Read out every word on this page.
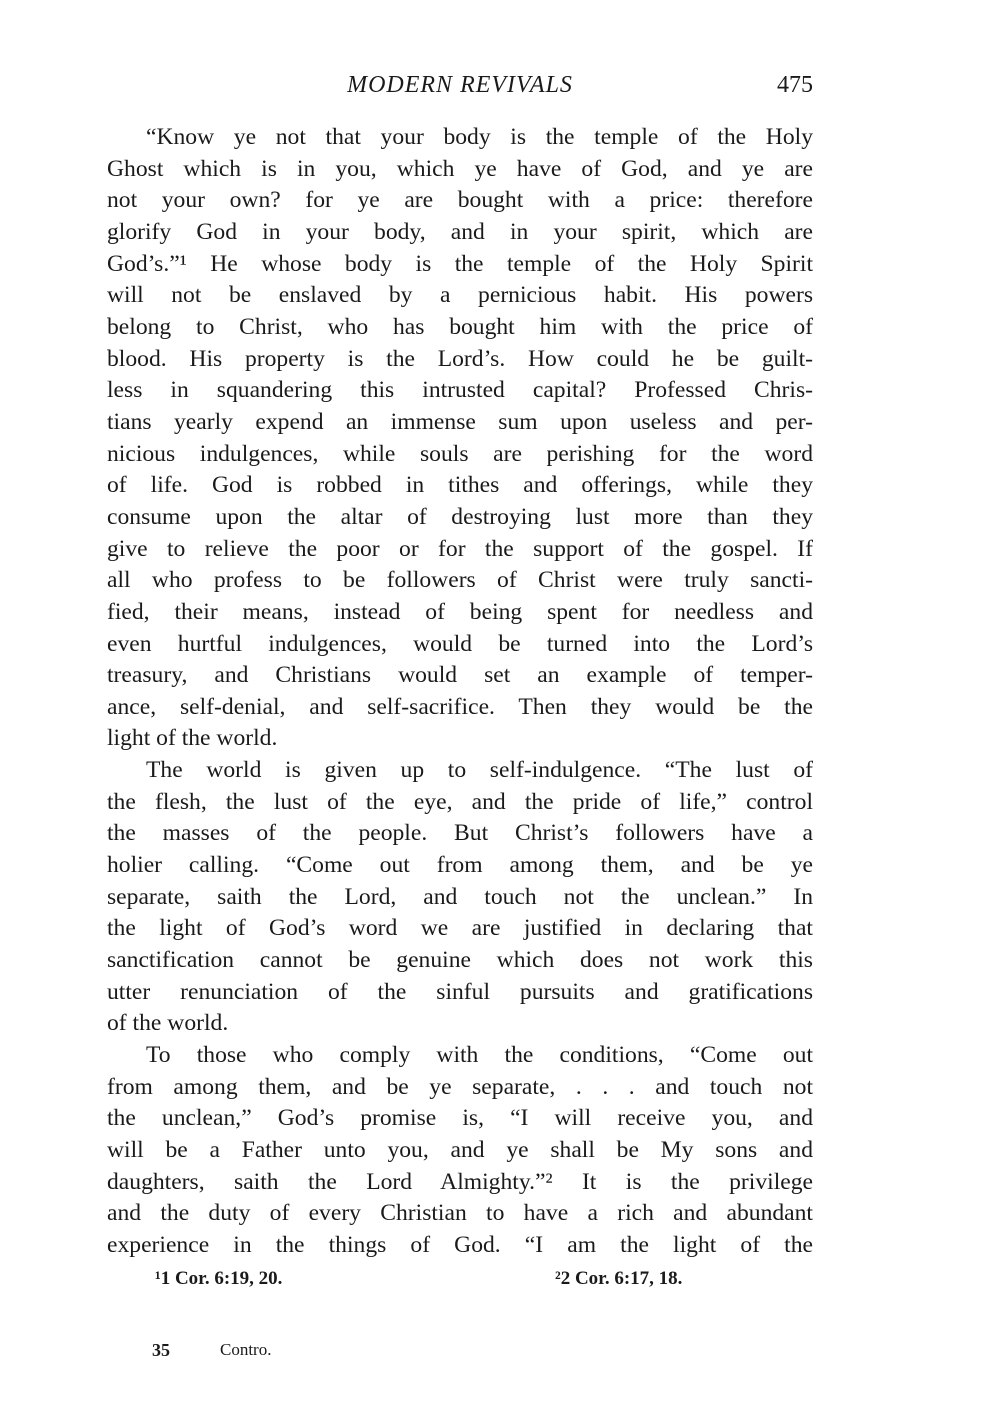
MODERN REVIVALS	475
“Know ye not that your body is the temple of the Holy
Ghost which is in you, which ye have of God, and ye are
not your own? for ye are bought with a price: therefore
glorify God in your body, and in your spirit, which are
God’s.”¹ He whose body is the temple of the Holy Spirit
will not be enslaved by a pernicious habit. His powers
belong to Christ, who has bought him with the price of
blood. His property is the Lord’s. How could he be guilt-
less in squandering this intrusted capital? Professed Chris-
tians yearly expend an immense sum upon useless and per-
nicious indulgences, while souls are perishing for the word
of life. God is robbed in tithes and offerings, while they
consume upon the altar of destroying lust more than they
give to relieve the poor or for the support of the gospel. If
all who profess to be followers of Christ were truly sancti-
fied, their means, instead of being spent for needless and
even hurtful indulgences, would be turned into the Lord’s
treasury, and Christians would set an example of temper-
ance, self-denial, and self-sacrifice. Then they would be the
light of the world.
The world is given up to self-indulgence. “The lust of
the flesh, the lust of the eye, and the pride of life,” control
the masses of the people. But Christ’s followers have a
holier calling. “Come out from among them, and be ye
separate, saith the Lord, and touch not the unclean.” In
the light of God’s word we are justified in declaring that
sanctification cannot be genuine which does not work this
utter renunciation of the sinful pursuits and gratifications
of the world.
To those who comply with the conditions, “Come out
from among them, and be ye separate, . . . and touch not
the unclean,” God’s promise is, “I will receive you, and
will be a Father unto you, and ye shall be My sons and
daughters, saith the Lord Almighty.”² It is the privilege
and the duty of every Christian to have a rich and abundant
experience in the things of God. “I am the light of the
¹1 Cor. 6:19, 20.	²2 Cor. 6:17, 18.
35	Contro.
